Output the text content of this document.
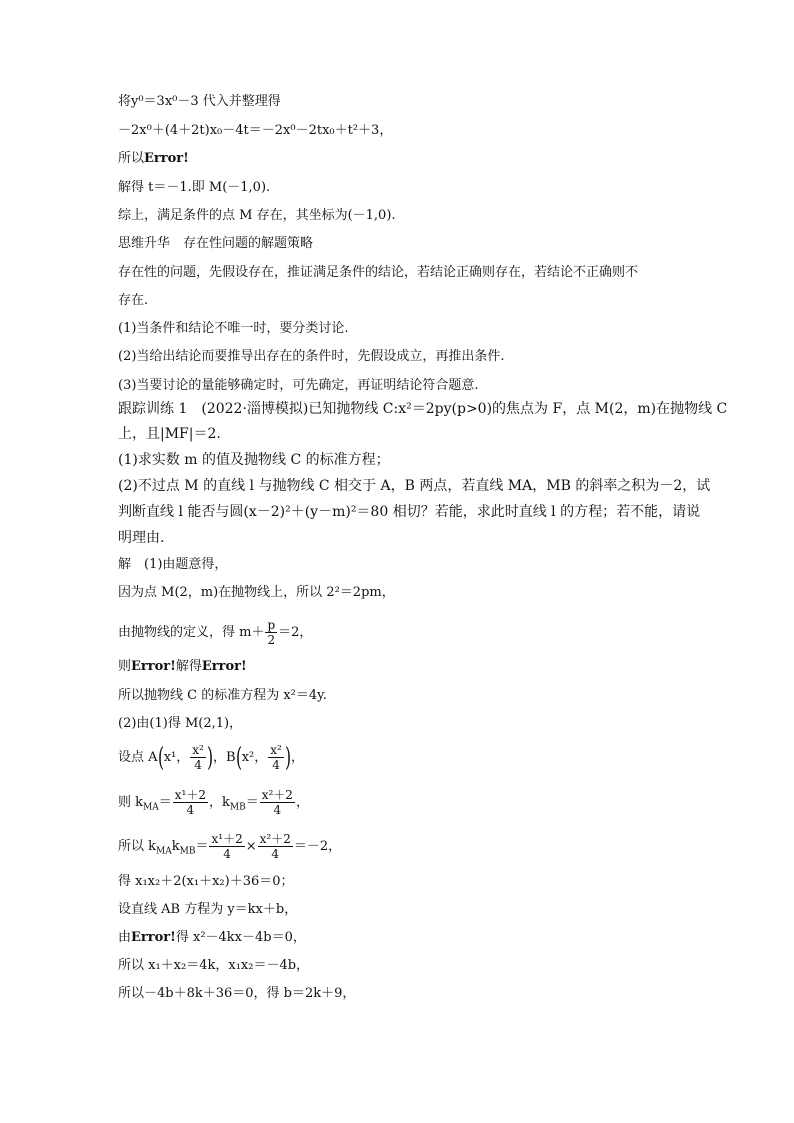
将y⁰＝3x⁰－3 代入并整理得
－2x⁰＋(4＋2t)x₀－4t＝－2x⁰－2tx₀＋t²＋3，
所以Error!
解得 t＝－1.即 M(－1,0).
综上，满足条件的点 M 存在，其坐标为(－1,0).
思维升华　存在性问题的解题策略
存在性的问题，先假设存在，推证满足条件的结论，若结论正确则存在，若结论不正确则不
存在.
(1)当条件和结论不唯一时，要分类讨论.
(2)当给出结论而要推导出存在的条件时，先假设成立，再推出条件.
(3)当要讨论的量能够确定时，可先确定，再证明结论符合题意.
跟踪训练 1　(2022·淄博模拟)已知抛物线 C:x²＝2py(p>0)的焦点为 F，点 M(2，m)在抛物线 C
上，且|MF|＝2.
(1)求实数 m 的值及抛物线 C 的标准方程；
(2)不过点 M 的直线 l 与抛物线 C 相交于 A，B 两点，若直线 MA，MB 的斜率之积为－2，试
判断直线 l 能否与圆(x－2)²＋(y－m)²＝80 相切？若能，求此时直线 l 的方程；若不能，请说
明理由.
解　(1)由题意得，
因为点 M(2，m)在抛物线上，所以 2²＝2pm，
由抛物线的定义，得 $m+ \frac{p}{2} =2$，
则Error!解得Error!
所以抛物线 C 的标准方程为 x²＝4y.
(2)由(1)得 M(2,1)，
设点 A(x¹， $\frac{\text{x²}}{4}$ )，B(x²， $\frac{\text{x²}}{4}$ )，
则 $k_{MA}= \frac{\text{x¹＋2}}{4}$ ，$k_{MB}= \frac{\text{x²＋2}}{4}$ ，
所以 $k_{MA}k_{MB}= \frac{\text{x¹＋2}}{4} \times \frac{\text{x²＋2}}{4} =-2$，
得 x₁x₂＋2(x₁＋x₂)＋36＝0；
设直线 AB 方程为 y＝kx＋b，
由Error!得 x²－4kx－4b＝0，
所以 x₁＋x₂＝4k，x₁x₂＝－4b，
所以－4b＋8k＋36＝0，得 b＝2k＋9，
